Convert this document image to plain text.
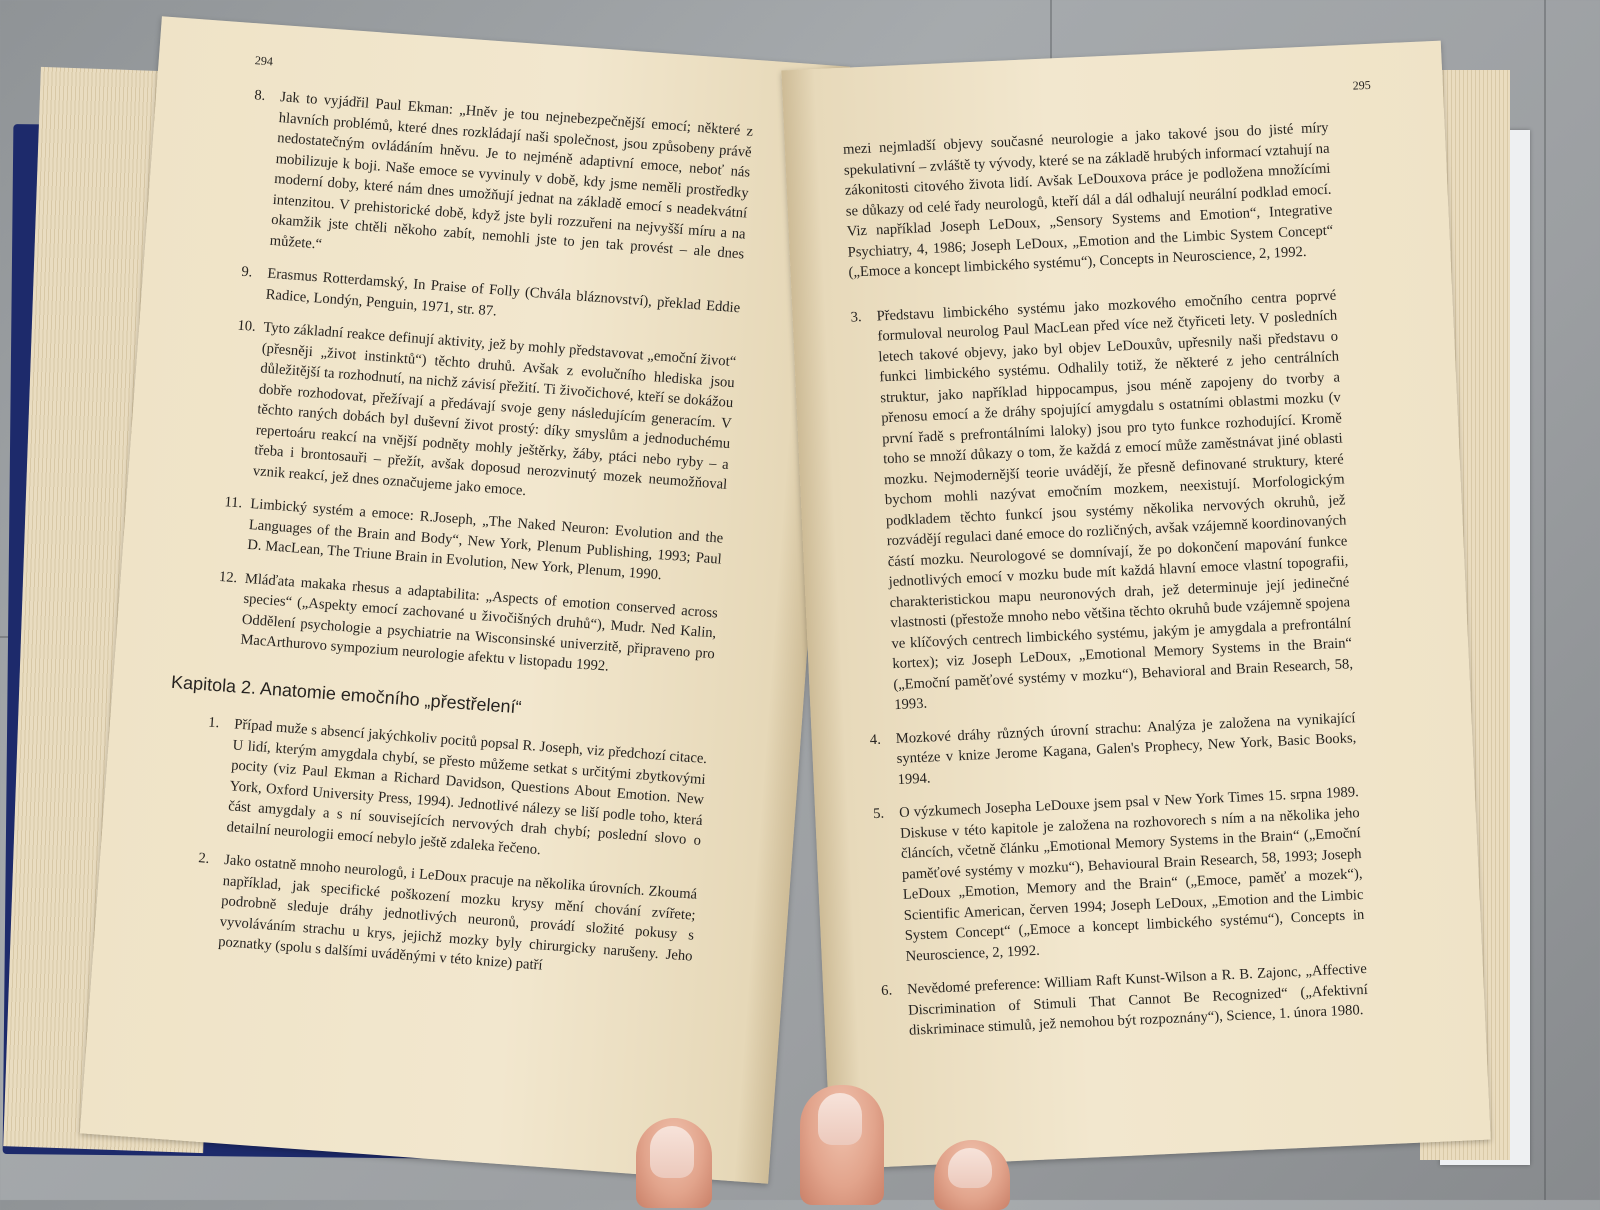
294
8. Jak to vyjádřil Paul Ekman: „Hněv je tou nejnebezpečnější emocí; některé z hlavních problémů, které dnes rozkládají naši společnost, jsou způsobeny právě nedostatečným ovládáním hněvu. Je to nejméně adaptivní emoce, neboť nás mobilizuje k boji. Naše emoce se vyvinuly v době, kdy jsme neměli prostředky moderní doby, které nám dnes umožňují jednat na základě emocí s neadekvátní intenzitou. V prehistorické době, když jste byli rozzuřeni na nejvyšší míru a na okamžik jste chtěli někoho zabít, nemohli jste to jen tak provést – ale dnes můžete.“

9. Erasmus Rotterdamský, In Praise of Folly (Chvála bláznovství), překlad Eddie Radice, Londýn, Penguin, 1971, str. 87.

10. Tyto základní reakce definují aktivity, jež by mohly představovat „emoční život“ (přesněji „život instinktů“) těchto druhů. Avšak z evolučního hlediska jsou důležitější ta rozhodnutí, na nichž závisí přežití. Ti živočichové, kteří se dokážou dobře rozhodovat, přežívají a předávají svoje geny následujícím generacím. V těchto raných dobách byl duševní život prostý: díky smyslům a jednoduchému repertoáru reakcí na vnější podněty mohly ještěrky, žáby, ptáci nebo ryby – a třeba i brontosauři – přežít, avšak doposud nerozvinutý mozek neumožňoval vznik reakcí, jež dnes označujeme jako emoce.

11. Limbický systém a emoce: R.Joseph, „The Naked Neuron: Evolution and the Languages of the Brain and Body“, New York, Plenum Publishing, 1993; Paul D. MacLean, The Triune Brain in Evolution, New York, Plenum, 1990.

12. Mláďata makaka rhesus a adaptabilita: „Aspects of emotion conserved across species“ („Aspekty emocí zachované u živočišných druhů“), Mudr. Ned Kalin, Oddělení psychologie a psychiatrie na Wisconsinské univerzitě, připraveno pro MacArthurovo sympozium neurologie afektu v listopadu 1992.

Kapitola 2. Anatomie emočního „přestřelení“
1. Případ muže s absencí jakýchkoliv pocitů popsal R. Joseph, viz předchozí citace. U lidí, kterým amygdala chybí, se přesto můžeme setkat s určitými zbytkovými pocity (viz Paul Ekman a Richard Davidson, Questions About Emotion. New York, Oxford University Press, 1994). Jednotlivé nálezy se liší podle toho, která část amygdaly a s ní souvisejících nervových drah chybí; poslední slovo o detailní neurologii emocí nebylo ještě zdaleka řečeno.

2. Jako ostatně mnoho neurologů, i LeDoux pracuje na několika úrovních. Zkoumá například, jak specifické poškození mozku krysy mění chování zvířete; podrobně sleduje dráhy jednotlivých neuronů, provádí složité pokusy s vyvoláváním strachu u krys, jejichž mozky byly chirurgicky narušeny. Jeho poznatky (spolu s dalšími uváděnými v této knize) patří

295

mezi nejmladší objevy současné neurologie a jako takové jsou do jisté míry spekulativní – zvláště ty vývody, které se na základě hrubých informací vztahují na zákonitosti citového života lidí. Avšak LeDouxova práce je podložena množícími se důkazy od celé řady neurologů, kteří dál a dál odhalují neurální podklad emocí. Viz například Joseph LeDoux, „Sensory Systems and Emotion“, Integrative Psychiatry, 4, 1986; Joseph LeDoux, „Emotion and the Limbic System Concept“ („Emoce a koncept limbického systému“), Concepts in Neuroscience, 2, 1992.

3. Představu limbického systému jako mozkového emočního centra poprvé formuloval neurolog Paul MacLean před více než čtyřiceti lety. V posledních letech takové objevy, jako byl objev LeDouxův, upřesnily naši představu o funkci limbického systému. Odhalily totiž, že některé z jeho centrálních struktur, jako například hippocampus, jsou méně zapojeny do tvorby a přenosu emocí a že dráhy spojující amygdalu s ostatními oblastmi mozku (v první řadě s prefrontálními laloky) jsou pro tyto funkce rozhodující. Kromě toho se množí důkazy o tom, že každá z emocí může zaměstnávat jiné oblasti mozku. Nejmodernější teorie uvádějí, že přesně definované struktury, které bychom mohli nazývat emočním mozkem, neexistují. Morfologickým podkladem těchto funkcí jsou systémy několika nervových okruhů, jež rozvádějí regulaci dané emoce do rozličných, avšak vzájemně koordinovaných částí mozku. Neurologové se domnívají, že po dokončení mapování funkce jednotlivých emocí v mozku bude mít každá hlavní emoce vlastní topografii, charakteristickou mapu neuronových drah, jež determinuje její jedinečné vlastnosti (přestože mnoho nebo většina těchto okruhů bude vzájemně spojena ve klíčových centrech limbického systému, jakým je amygdala a prefrontální kortex); viz Joseph LeDoux, „Emotional Memory Systems in the Brain“ („Emoční paměťové systémy v mozku“), Behavioral and Brain Research, 58, 1993.

4. Mozkové dráhy různých úrovní strachu: Analýza je založena na vynikající syntéze v knize Jerome Kagana, Galen's Prophecy, New York, Basic Books, 1994.

5. O výzkumech Josepha LeDouxe jsem psal v New York Times 15. srpna 1989. Diskuse v této kapitole je založena na rozhovorech s ním a na několika jeho článcích, včetně článku „Emotional Memory Systems in the Brain“ („Emoční paměťové systémy v mozku“), Behavioural Brain Research, 58, 1993; Joseph LeDoux „Emotion, Memory and the Brain“ („Emoce, paměť a mozek“), Scientific American, červen 1994; Joseph LeDoux, „Emotion and the Limbic System Concept“ („Emoce a koncept limbického systému“), Concepts in Neuroscience, 2, 1992.

6. Nevědomé preference: William Raft Kunst-Wilson a R. B. Zajonc, „Affective Discrimination of Stimuli That Cannot Be Recognized“ („Afektivní diskriminace stimulů, jež nemohou být rozpoznány“), Science, 1. února 1980.
